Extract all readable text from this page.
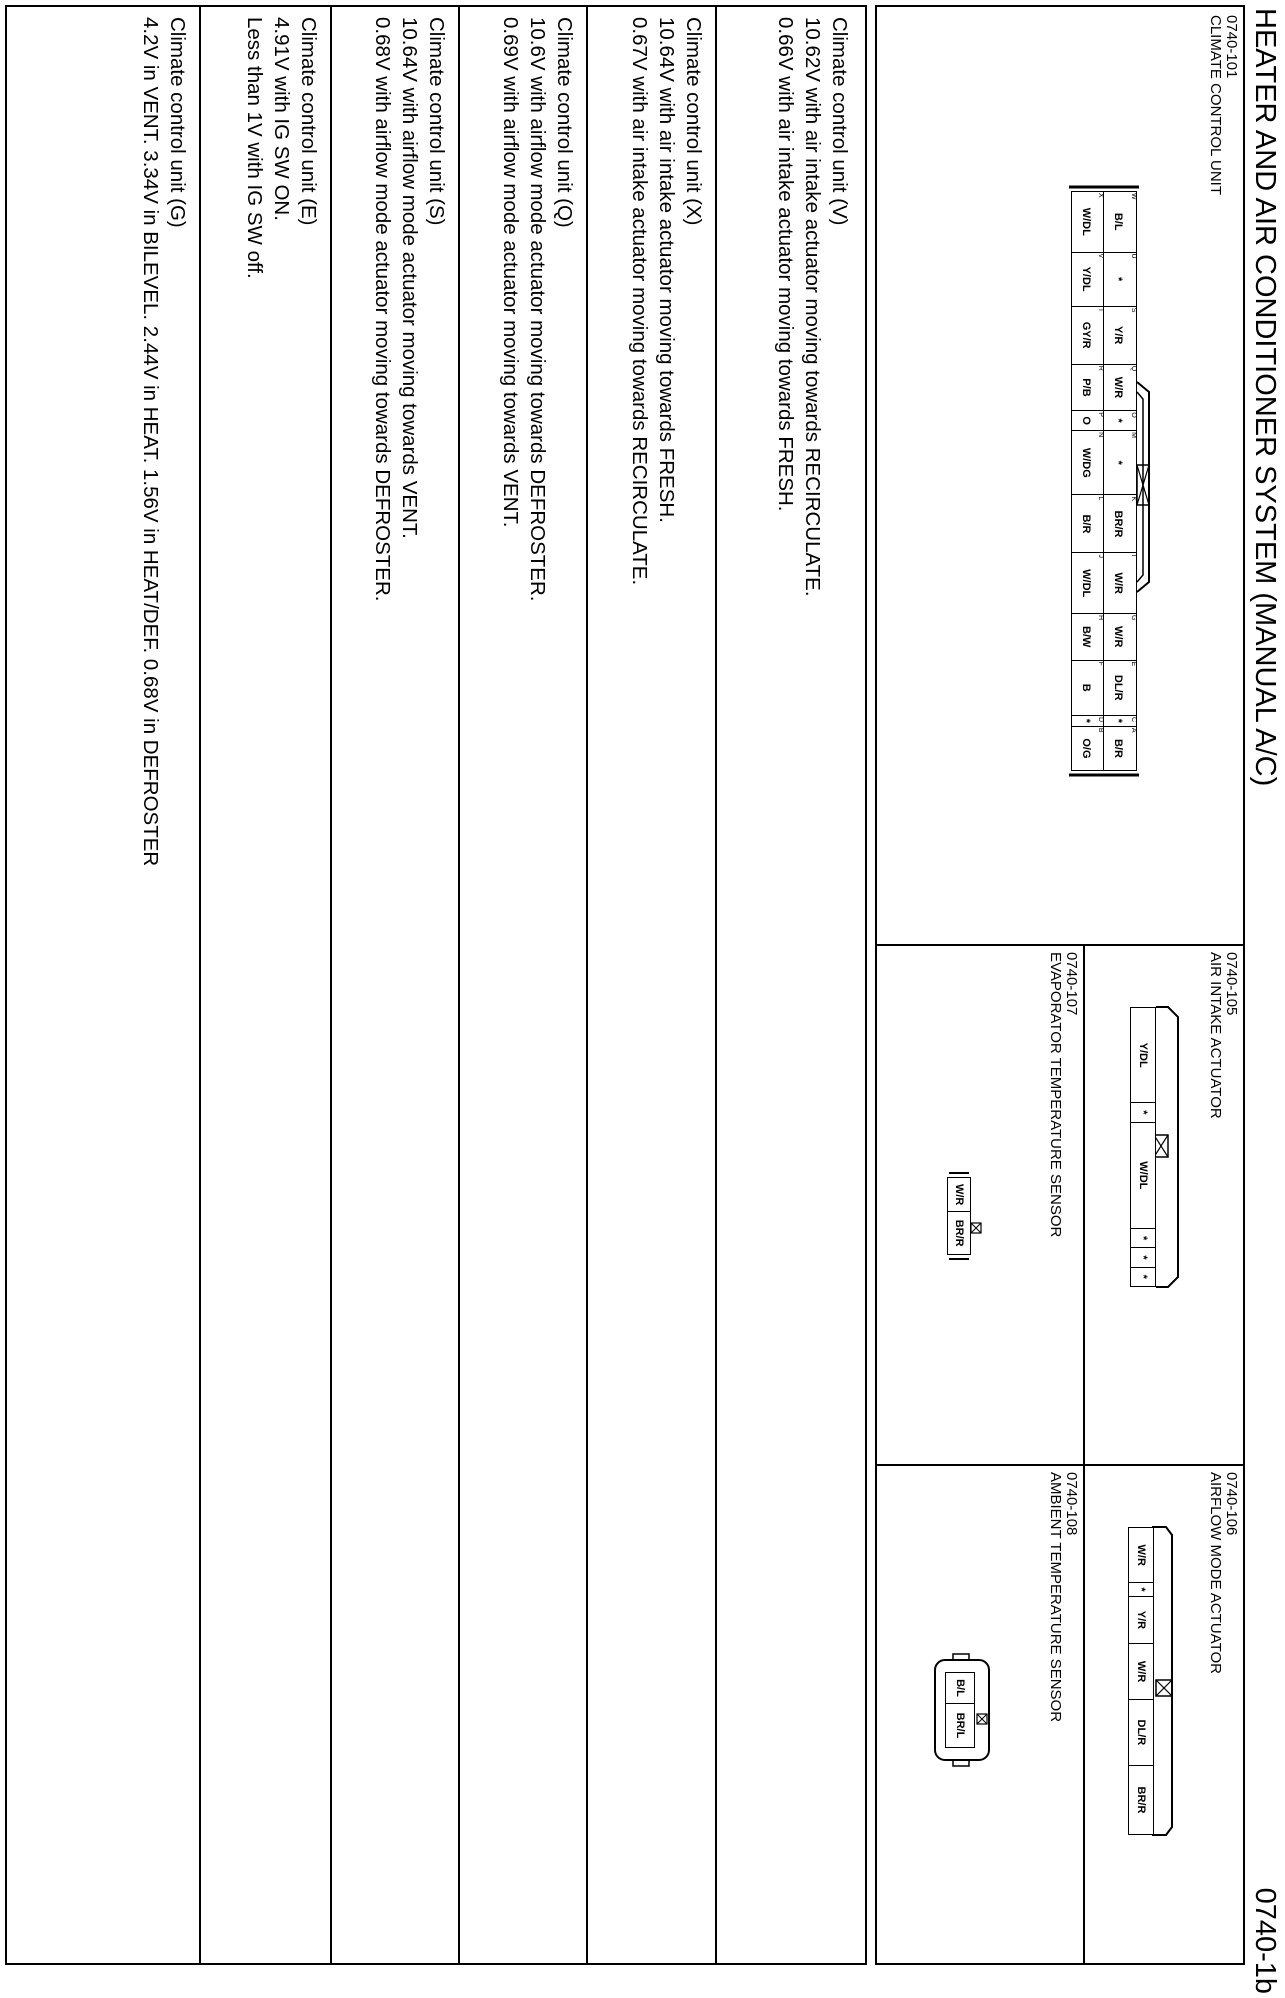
HEATER AND AIR CONDITIONER SYSTEM (MANUAL A/C)
0740-1b
0740-101
CLIMATE CONTROL UNIT
W
B/L	U
*	S
Y/R	Q
W/R	O
*	M
*	K
BR/R	I
W/R	G
W/R	E
DL/R	C
*	A
B/R

X
W/DL	V
Y/DL	T
GY/R	R
P/B	P
O	N
W/DG	L
B/R	J
W/DL	H
B/W	F
B	D
*	B
O/G
0740-105
AIR INTAKE ACTUATOR
Y/DL	*	W/DL	*	*	*
0740-106
AIRFLOW MODE ACTUATOR
W/R	*	Y/R	W/R	DL/R	BR/R
0740-107
EVAPORATOR TEMPERATURE SENSOR
W/R	BR/R
0740-108
AMBIENT TEMPERATURE SENSOR
B/L	BR/L
Climate control unit (V)
10.62V with air intake actuator moving towards RECIRCULATE.
0.66V with air intake actuator moving towards FRESH.
Climate control unit (X)
10.64V with air intake actuator moving towards FRESH.
0.67V with air intake actuator moving towards RECIRCULATE.
Climate control unit (Q)
10.6V with airflow mode actuator moving towards DEFROSTER.
0.69V with airflow mode actuator moving towards VENT.
Climate control unit (S)
10.64V with airflow mode actuator moving towards VENT.
0.68V with airflow mode actuator moving towards DEFROSTER.
Climate control unit (E)
4.91V with IG SW ON.
Less than 1V with IG SW off.
Climate control unit (G)
4.2V in VENT. 3.34V in BILEVEL. 2.44V in HEAT. 1.56V in HEAT/DEF. 0.68V in DEFROSTER
